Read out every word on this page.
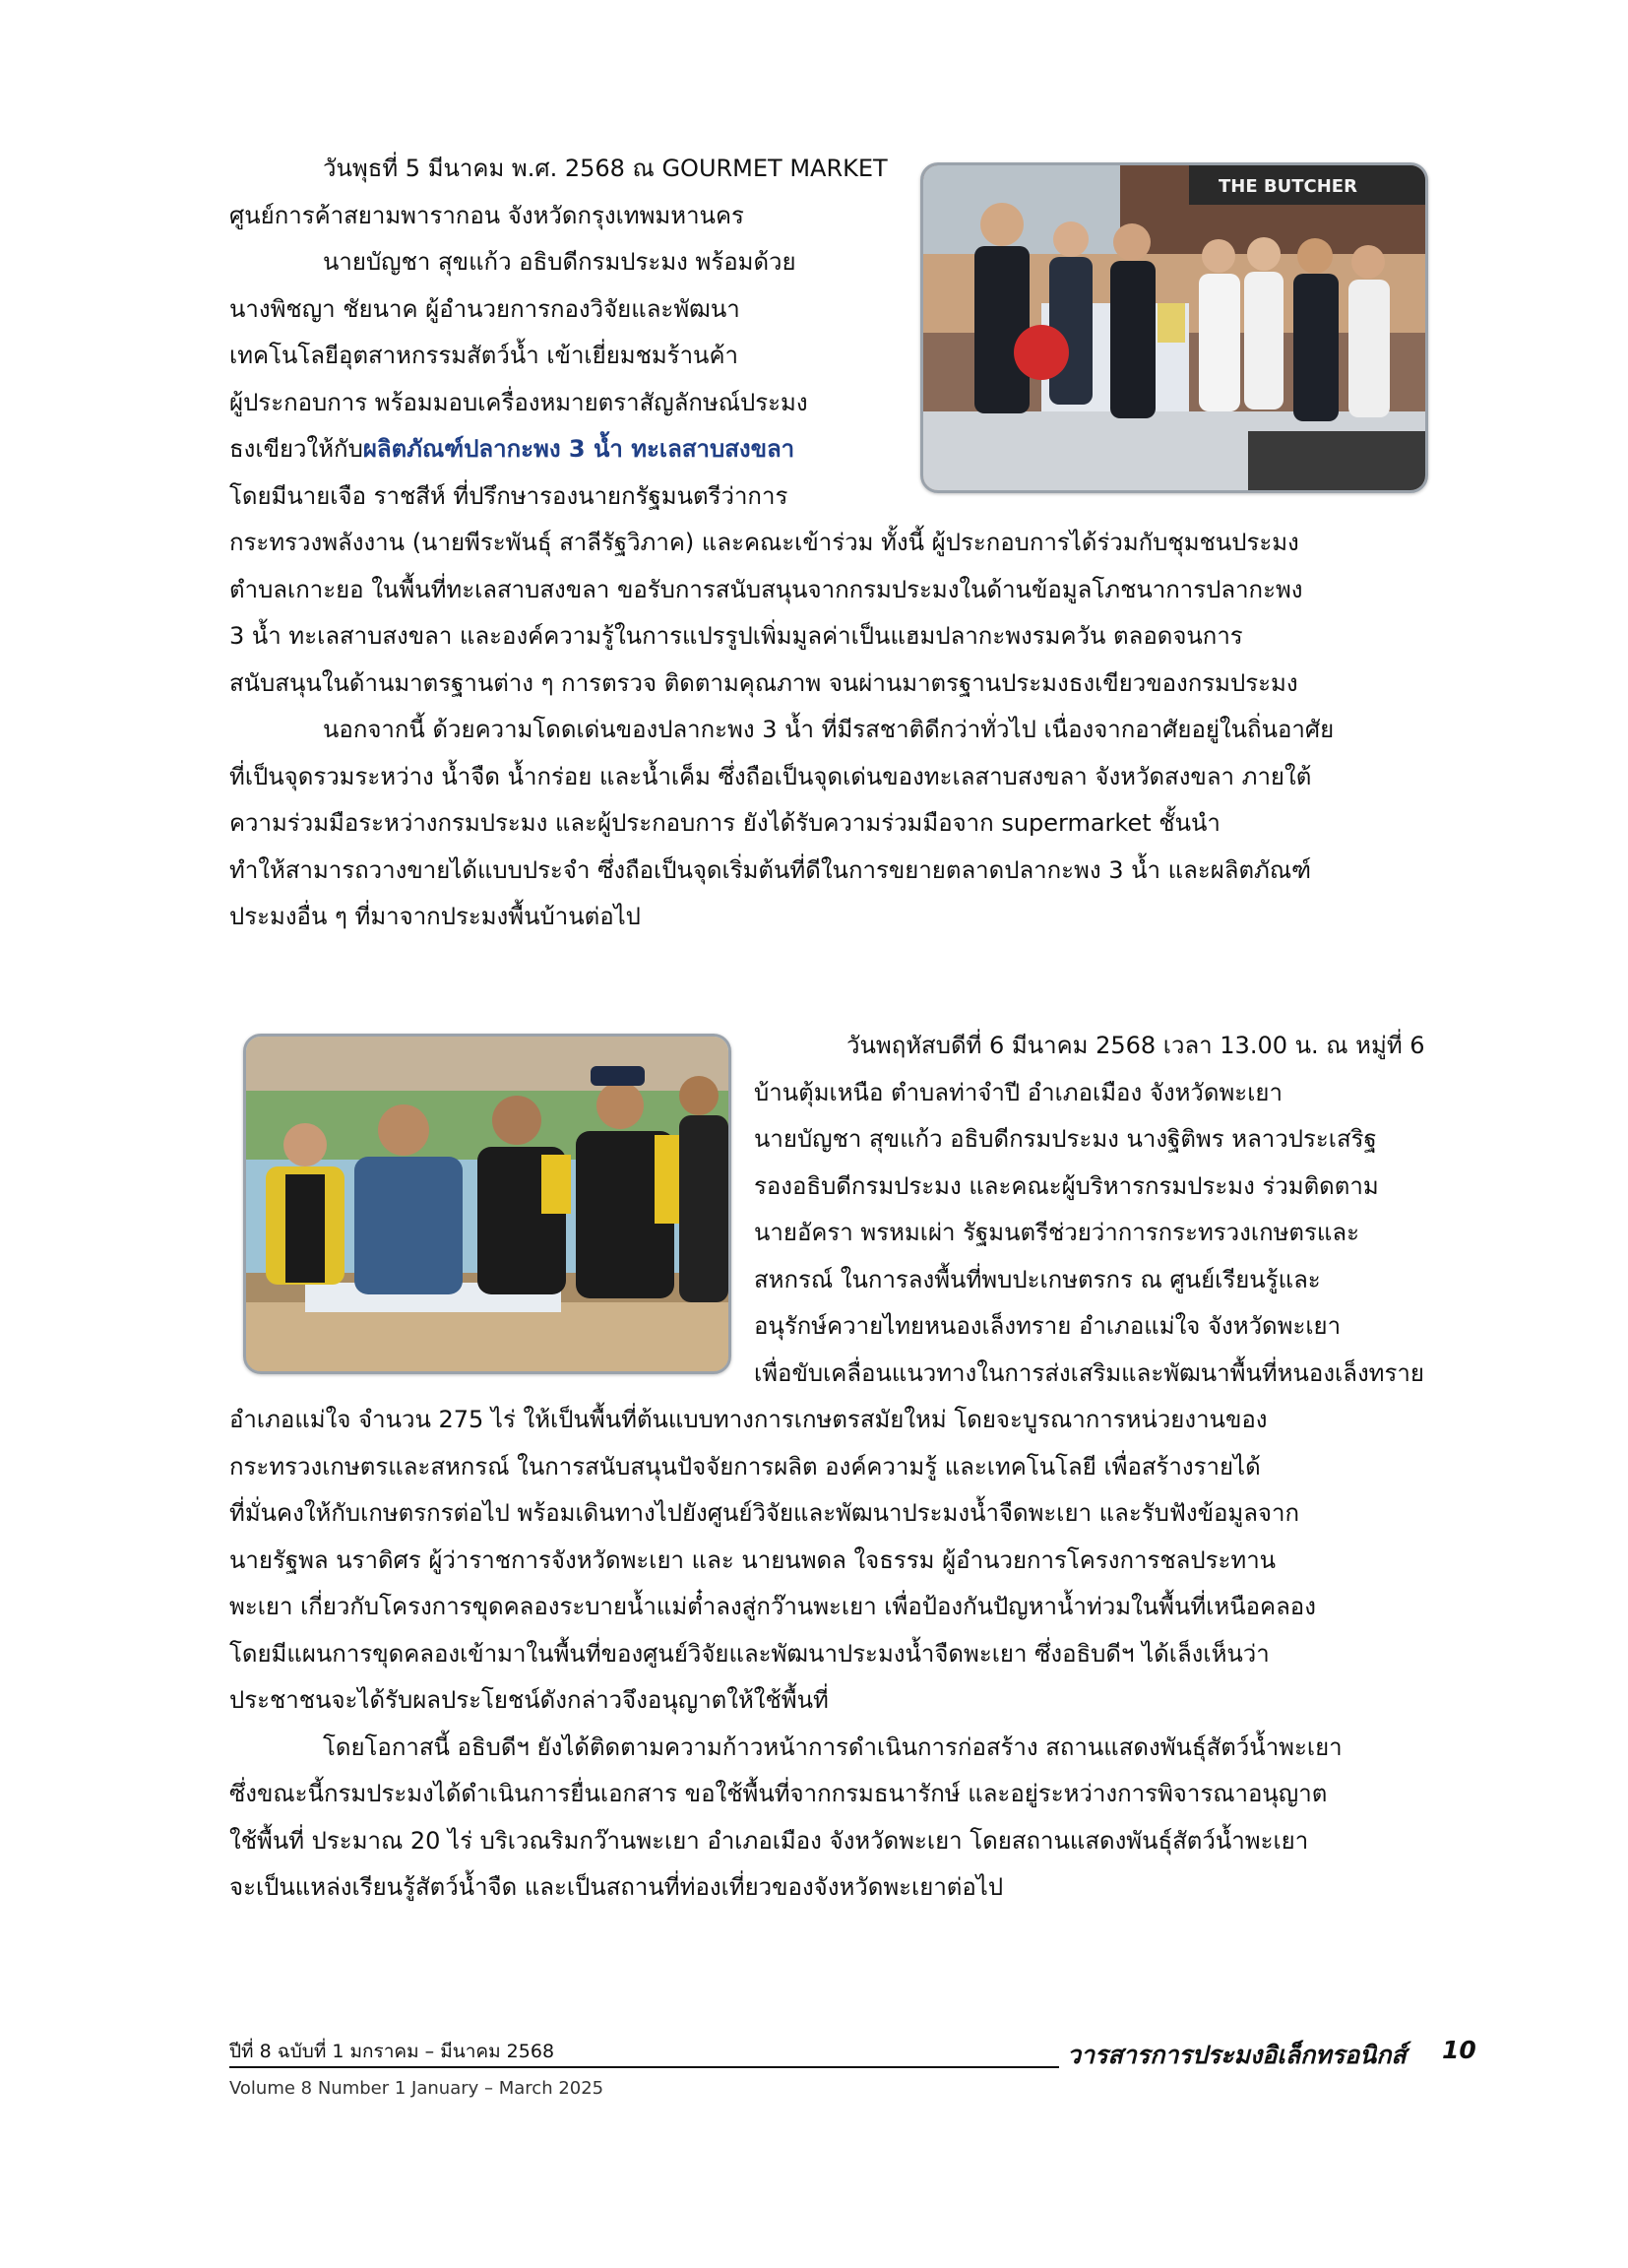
วันพุธที่ 5 มีนาคม พ.ศ. 2568 ณ GOURMET MARKET
ศูนย์การค้าสยามพารากอน จังหวัดกรุงเทพมหานคร
นายบัญชา สุขแก้ว อธิบดีกรมประมง พร้อมด้วย
นางพิชญา ชัยนาค ผู้อำนวยการกองวิจัยและพัฒนา
เทคโนโลยีอุตสาหกรรมสัตว์น้ำ เข้าเยี่ยมชมร้านค้า
ผู้ประกอบการ พร้อมมอบเครื่องหมายตราสัญลักษณ์ประมง
ธงเขียวให้กับผลิตภัณฑ์ปลากะพง 3 น้ำ ทะเลสาบสงขลา
โดยมีนายเจือ ราชสีห์ ที่ปรึกษารองนายกรัฐมนตรีว่าการ
THE BUTCHER
กระทรวงพลังงาน (นายพีระพันธุ์ สาลีรัฐวิภาค) และคณะเข้าร่วม ทั้งนี้ ผู้ประกอบการได้ร่วมกับชุมชนประมง
ตำบลเกาะยอ ในพื้นที่ทะเลสาบสงขลา ขอรับการสนับสนุนจากกรมประมงในด้านข้อมูลโภชนาการปลากะพง
3 น้ำ ทะเลสาบสงขลา และองค์ความรู้ในการแปรรูปเพิ่มมูลค่าเป็นแฮมปลากะพงรมควัน ตลอดจนการ
สนับสนุนในด้านมาตรฐานต่าง ๆ การตรวจ ติดตามคุณภาพ จนผ่านมาตรฐานประมงธงเขียวของกรมประมง
นอกจากนี้ ด้วยความโดดเด่นของปลากะพง 3 น้ำ ที่มีรสชาติดีกว่าทั่วไป เนื่องจากอาศัยอยู่ในถิ่นอาศัย
ที่เป็นจุดรวมระหว่าง น้ำจืด น้ำกร่อย และน้ำเค็ม ซึ่งถือเป็นจุดเด่นของทะเลสาบสงขลา จังหวัดสงขลา ภายใต้
ความร่วมมือระหว่างกรมประมง และผู้ประกอบการ ยังได้รับความร่วมมือจาก supermarket ชั้นนำ
ทำให้สามารถวางขายได้แบบประจำ ซึ่งถือเป็นจุดเริ่มต้นที่ดีในการขยายตลาดปลากะพง 3 น้ำ และผลิตภัณฑ์
ประมงอื่น ๆ ที่มาจากประมงพื้นบ้านต่อไป
วันพฤหัสบดีที่ 6 มีนาคม 2568 เวลา 13.00 น. ณ หมู่ที่ 6
บ้านตุ้มเหนือ ตำบลท่าจำปี อำเภอเมือง จังหวัดพะเยา
นายบัญชา สุขแก้ว อธิบดีกรมประมง นางฐิติพร หลาวประเสริฐ
รองอธิบดีกรมประมง และคณะผู้บริหารกรมประมง ร่วมติดตาม
นายอัครา พรหมเผ่า รัฐมนตรีช่วยว่าการกระทรวงเกษตรและ
สหกรณ์ ในการลงพื้นที่พบปะเกษตรกร ณ ศูนย์เรียนรู้และ
อนุรักษ์ควายไทยหนองเล็งทราย อำเภอแม่ใจ จังหวัดพะเยา
เพื่อขับเคลื่อนแนวทางในการส่งเสริมและพัฒนาพื้นที่หนองเล็งทราย
อำเภอแม่ใจ จำนวน 275 ไร่ ให้เป็นพื้นที่ต้นแบบทางการเกษตรสมัยใหม่ โดยจะบูรณาการหน่วยงานของ
กระทรวงเกษตรและสหกรณ์ ในการสนับสนุนปัจจัยการผลิต องค์ความรู้ และเทคโนโลยี เพื่อสร้างรายได้
ที่มั่นคงให้กับเกษตรกรต่อไป พร้อมเดินทางไปยังศูนย์วิจัยและพัฒนาประมงน้ำจืดพะเยา และรับฟังข้อมูลจาก
นายรัฐพล นราดิศร ผู้ว่าราชการจังหวัดพะเยา และ นายนพดล ใจธรรม ผู้อำนวยการโครงการชลประทาน
พะเยา เกี่ยวกับโครงการขุดคลองระบายน้ำแม่ต๋ำลงสู่กว๊านพะเยา เพื่อป้องกันปัญหาน้ำท่วมในพื้นที่เหนือคลอง
โดยมีแผนการขุดคลองเข้ามาในพื้นที่ของศูนย์วิจัยและพัฒนาประมงน้ำจืดพะเยา ซึ่งอธิบดีฯ ได้เล็งเห็นว่า
ประชาชนจะได้รับผลประโยชน์ดังกล่าวจึงอนุญาตให้ใช้พื้นที่
โดยโอกาสนี้ อธิบดีฯ ยังได้ติดตามความก้าวหน้าการดำเนินการก่อสร้าง สถานแสดงพันธุ์สัตว์น้ำพะเยา
ซึ่งขณะนี้กรมประมงได้ดำเนินการยื่นเอกสาร ขอใช้พื้นที่จากกรมธนารักษ์ และอยู่ระหว่างการพิจารณาอนุญาต
ใช้พื้นที่ ประมาณ 20 ไร่ บริเวณริมกว๊านพะเยา อำเภอเมือง จังหวัดพะเยา โดยสถานแสดงพันธุ์สัตว์น้ำพะเยา
จะเป็นแหล่งเรียนรู้สัตว์น้ำจืด และเป็นสถานที่ท่องเที่ยวของจังหวัดพะเยาต่อไป
ปีที่ 8 ฉบับที่ 1 มกราคม – มีนาคม 2568
Volume 8 Number 1 January – March 2025
วารสารการประมงอิเล็กทรอนิกส์ 10
